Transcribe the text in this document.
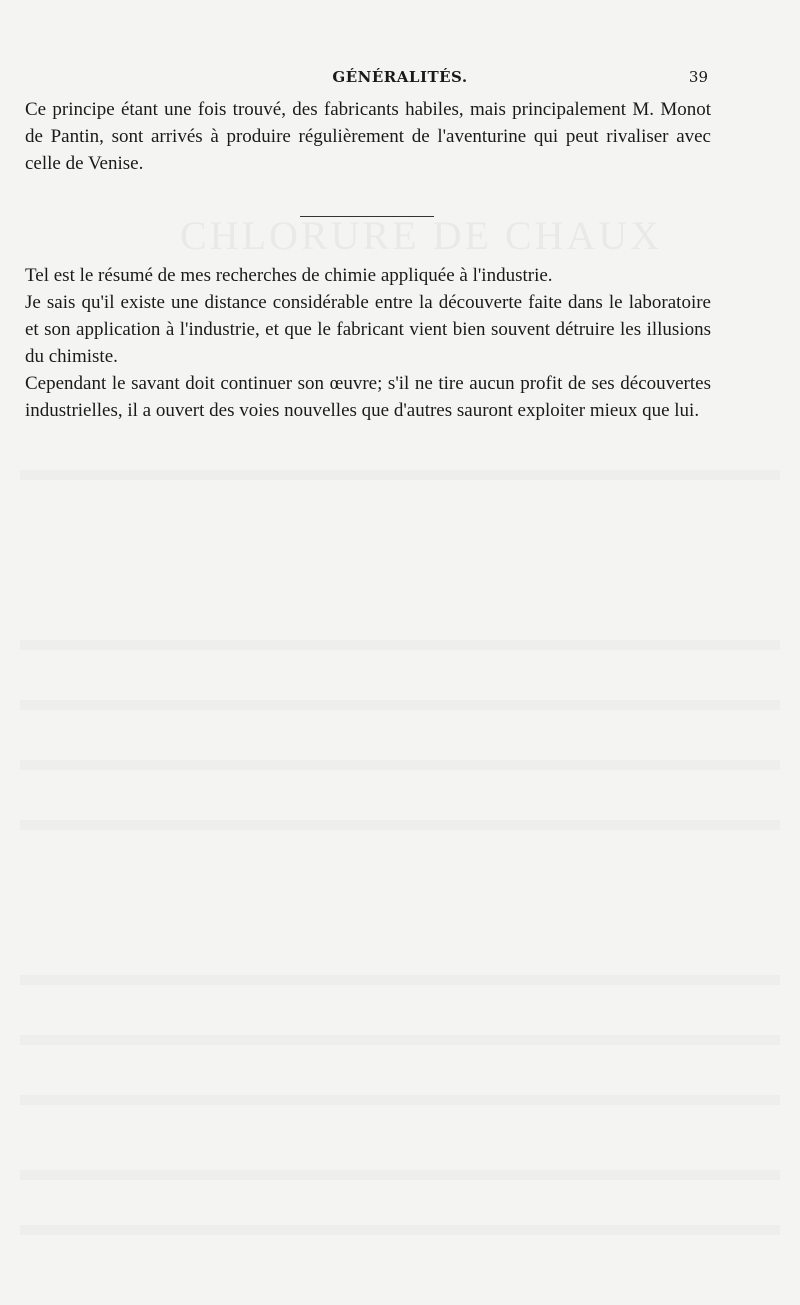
CHLORURE DE CHAUX
GÉNÉRALITÉS.	39

Ce principe étant une fois trouvé, des fabricants habiles, mais principalement M. Monot de Pantin, sont arrivés à produire régulièrement de l'aventurine qui peut rivaliser avec celle de Venise.

Tel est le résumé de mes recherches de chimie appliquée à l'industrie.

Je sais qu'il existe une distance considérable entre la découverte faite dans le laboratoire et son application à l'industrie, et que le fabricant vient bien souvent détruire les illusions du chimiste.

Cependant le savant doit continuer son œuvre; s'il ne tire aucun profit de ses découvertes industrielles, il a ouvert des voies nouvelles que d'autres sauront exploiter mieux que lui.
